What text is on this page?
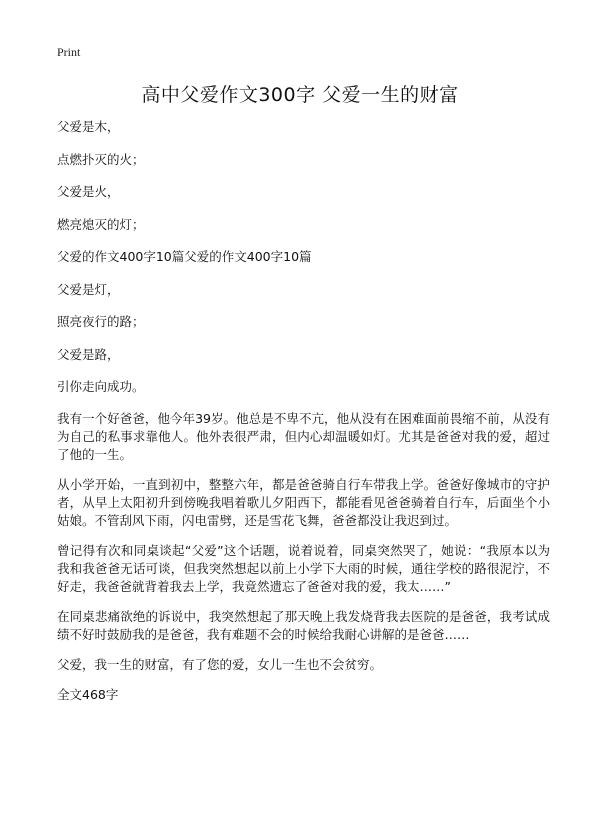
Print
高中父爱作文300字 父爱一生的财富

父爱是木，

点燃扑灭的火；

父爱是火，

燃亮熄灭的灯；

父爱的作文400字10篇父爱的作文400字10篇

父爱是灯，

照亮夜行的路；

父爱是路，

引你走向成功。

我有一个好爸爸，他今年39岁。他总是不卑不亢，他从没有在困难面前畏缩不前，从没有为自己的私事求靠他人。他外表很严肃，但内心却温暖如灯。尤其是爸爸对我的爱，超过了他的一生。

从小学开始，一直到初中，整整六年，都是爸爸骑自行车带我上学。爸爸好像城市的守护者，从早上太阳初升到傍晚我唱着歌儿夕阳西下，都能看见爸爸骑着自行车，后面坐个小姑娘。不管刮风下雨，闪电雷劈，还是雪花飞舞，爸爸都没让我迟到过。

曾记得有次和同桌谈起“父爱”这个话题，说着说着，同桌突然哭了，她说：“我原本以为我和我爸爸无话可谈，但我突然想起以前上小学下大雨的时候，通往学校的路很泥泞，不好走，我爸爸就背着我去上学，我竟然遗忘了爸爸对我的爱，我太……”

在同桌悲痛欲绝的诉说中，我突然想起了那天晚上我发烧背我去医院的是爸爸，我考试成绩不好时鼓励我的是爸爸，我有难题不会的时候给我耐心讲解的是爸爸……

父爱，我一生的财富，有了您的爱，女儿一生也不会贫穷。

全文468字
